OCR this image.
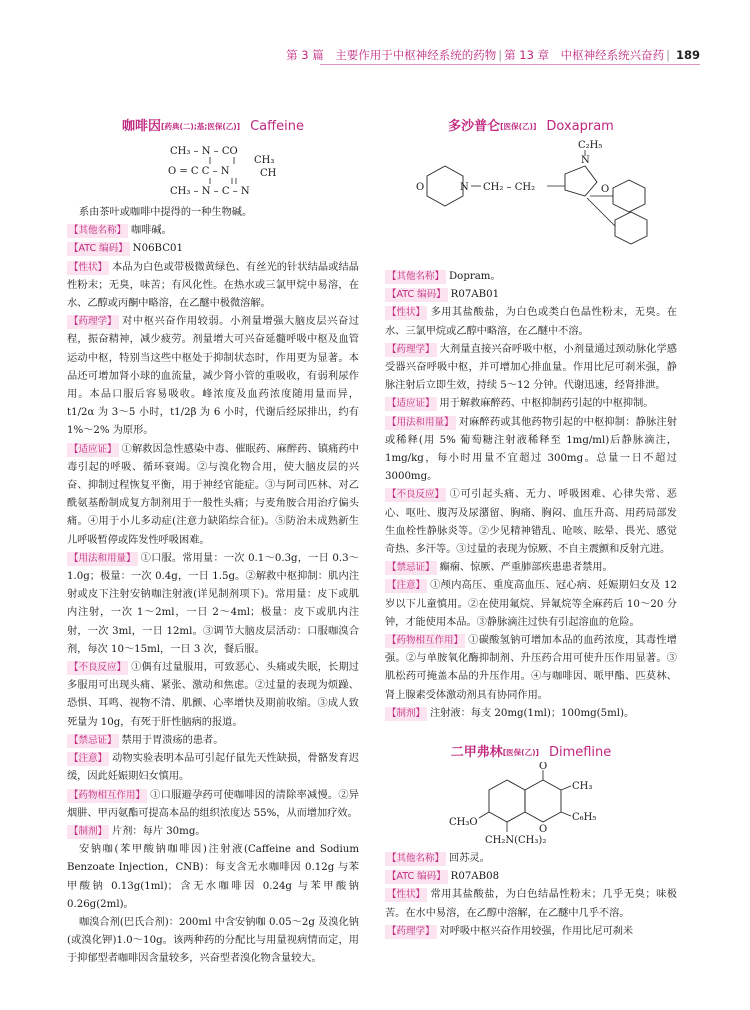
第 3 篇　主要作用于中枢神经系统的药物 | 第 13 章　中枢神经系统兴奋药 | 189
咖啡因[药典(二);基;医保(乙)] Caffeine
CH₃ – N – CO
CH₃
O = C C – N	CH
CH₃ – N – C – N

系由茶叶或咖啡中提得的一种生物碱。

【其他名称】 咖啡碱。

【ATC 编码】 N06BC01

【性状】 本品为白色或带极微黄绿色、有丝光的针状结晶或结晶性粉末；无臭，味苦；有风化性。在热水或三氯甲烷中易溶，在水、乙醇或丙酮中略溶，在乙醚中极微溶解。

【药理学】 对中枢兴奋作用较弱。小剂量增强大脑皮层兴奋过程，振奋精神，减少疲劳。剂量增大可兴奋延髓呼吸中枢及血管运动中枢，特别当这些中枢处于抑制状态时，作用更为显著。本品还可增加肾小球的血流量，减少肾小管的重吸收，有弱利尿作用。本品口服后容易吸收。峰浓度及血药浓度随用量而异，t1/2α 为 3～5 小时，t1/2β 为 6 小时，代谢后经尿排出，约有 1%～2% 为原形。

【适应证】 ①解救因急性感染中毒、催眠药、麻醉药、镇痛药中毒引起的呼吸、循环衰竭。②与溴化物合用，使大脑皮层的兴奋、抑制过程恢复平衡，用于神经官能症。③与阿司匹林、对乙酰氨基酚制成复方制剂用于一般性头痛；与麦角胺合用治疗偏头痛。④用于小儿多动症(注意力缺陷综合征)。⑤防治未成熟新生儿呼吸暂停或阵发性呼吸困难。

【用法和用量】 ①口服。常用量：一次 0.1～0.3g，一日 0.3～1.0g；极量：一次 0.4g，一日 1.5g。②解救中枢抑制：肌内注射或皮下注射安钠咖注射液(详见制剂项下)。常用量：皮下或肌内注射，一次 1～2ml，一日 2～4ml；极量：皮下或肌内注射，一次 3ml，一日 12ml。③调节大脑皮层活动：口服咖溴合剂，每次 10～15ml，一日 3 次，餐后服。

【不良反应】 ①偶有过量服用，可致恶心、头痛或失眠，长期过多服用可出现头痛、紧张、激动和焦虑。②过量的表现为烦躁、恐惧、耳鸣、视物不清、肌颤、心率增快及期前收缩。③成人致死量为 10g，有死于肝性脑病的报道。

【禁忌证】 禁用于胃溃疡的患者。

【注意】 动物实验表明本品可引起仔鼠先天性缺损，骨骼发育迟缓，因此妊娠期妇女慎用。

【药物相互作用】 ①口服避孕药可使咖啡因的清除率减慢。②异烟肼、甲丙氨酯可提高本品的组织浓度达 55%，从而增加疗效。

【制剂】 片剂：每片 30mg。

安钠咖(苯甲酸钠咖啡因)注射液(Caffeine and Sodium Benzoate Injection，CNB)：每支含无水咖啡因 0.12g 与苯甲酸钠 0.13g(1ml)；含无水咖啡因 0.24g 与苯甲酸钠 0.26g(2ml)。

咖溴合剂(巴氏合剂)：200ml 中含安钠咖 0.05～2g 及溴化钠(或溴化钾)1.0～10g。该两种药的分配比与用量视病情而定，用于抑郁型者咖啡因含量较多，兴奋型者溴化物含量较大。

多沙普仑[医保(乙)] Doxapram
O	N CH₂ – CH₂
N
C₂H₅
O

【其他名称】 Dopram。

【ATC 编码】 R07AB01

【性状】 多用其盐酸盐，为白色或类白色晶性粉末，无臭。在水、三氯甲烷或乙醇中略溶，在乙醚中不溶。

【药理学】 大剂量直接兴奋呼吸中枢，小剂量通过颈动脉化学感受器兴奋呼吸中枢，并可增加心排血量。作用比尼可刹米强，静脉注射后立即生效，持续 5～12 分钟。代谢迅速，经肾排泄。

【适应证】 用于解救麻醉药、中枢抑制药引起的中枢抑制。

【用法和用量】 对麻醉药或其他药物引起的中枢抑制：静脉注射或稀释(用 5% 葡萄糖注射液稀释至 1mg/ml)后静脉滴注，1mg/kg，每小时用量不宜超过 300mg。总量一日不超过 3000mg。

【不良反应】 ①可引起头痛、无力、呼吸困难、心律失常、恶心、呕吐、腹泻及尿潴留、胸痛、胸闷、血压升高、用药局部发生血栓性静脉炎等。②少见精神错乱、呛咳、眩晕、畏光、感觉奇热、多汗等。③过量的表现为惊厥、不自主震颤和反射亢进。

【禁忌证】 癫痫、惊厥、严重肺部疾患患者禁用。

【注意】 ①颅内高压、重度高血压、冠心病、妊娠期妇女及 12 岁以下儿童慎用。②在使用氟烷、异氟烷等全麻药后 10～20 分钟，才能使用本品。③静脉滴注过快有引起溶血的危险。

【药物相互作用】 ①碳酸氢钠可增加本品的血药浓度，其毒性增强。②与单胺氧化酶抑制剂、升压药合用可使升压作用显著。③肌松药可掩盖本品的升压作用。④与咖啡因、哌甲酯、匹莫林、肾上腺素受体激动剂具有协同作用。

【制剂】 注射液：每支 20mg(1ml)；100mg(5ml)。

二甲弗林[医保(乙)] Dimefline
O
CH₃
C₆H₅
O
CH₃O
CH₂N(CH₃)₂

【其他名称】 回苏灵。

【ATC 编码】 R07AB08

【性状】 常用其盐酸盐，为白色结晶性粉末；几乎无臭；味极苦。在水中易溶，在乙醇中溶解，在乙醚中几乎不溶。

【药理学】 对呼吸中枢兴奋作用较强，作用比尼可刹米
